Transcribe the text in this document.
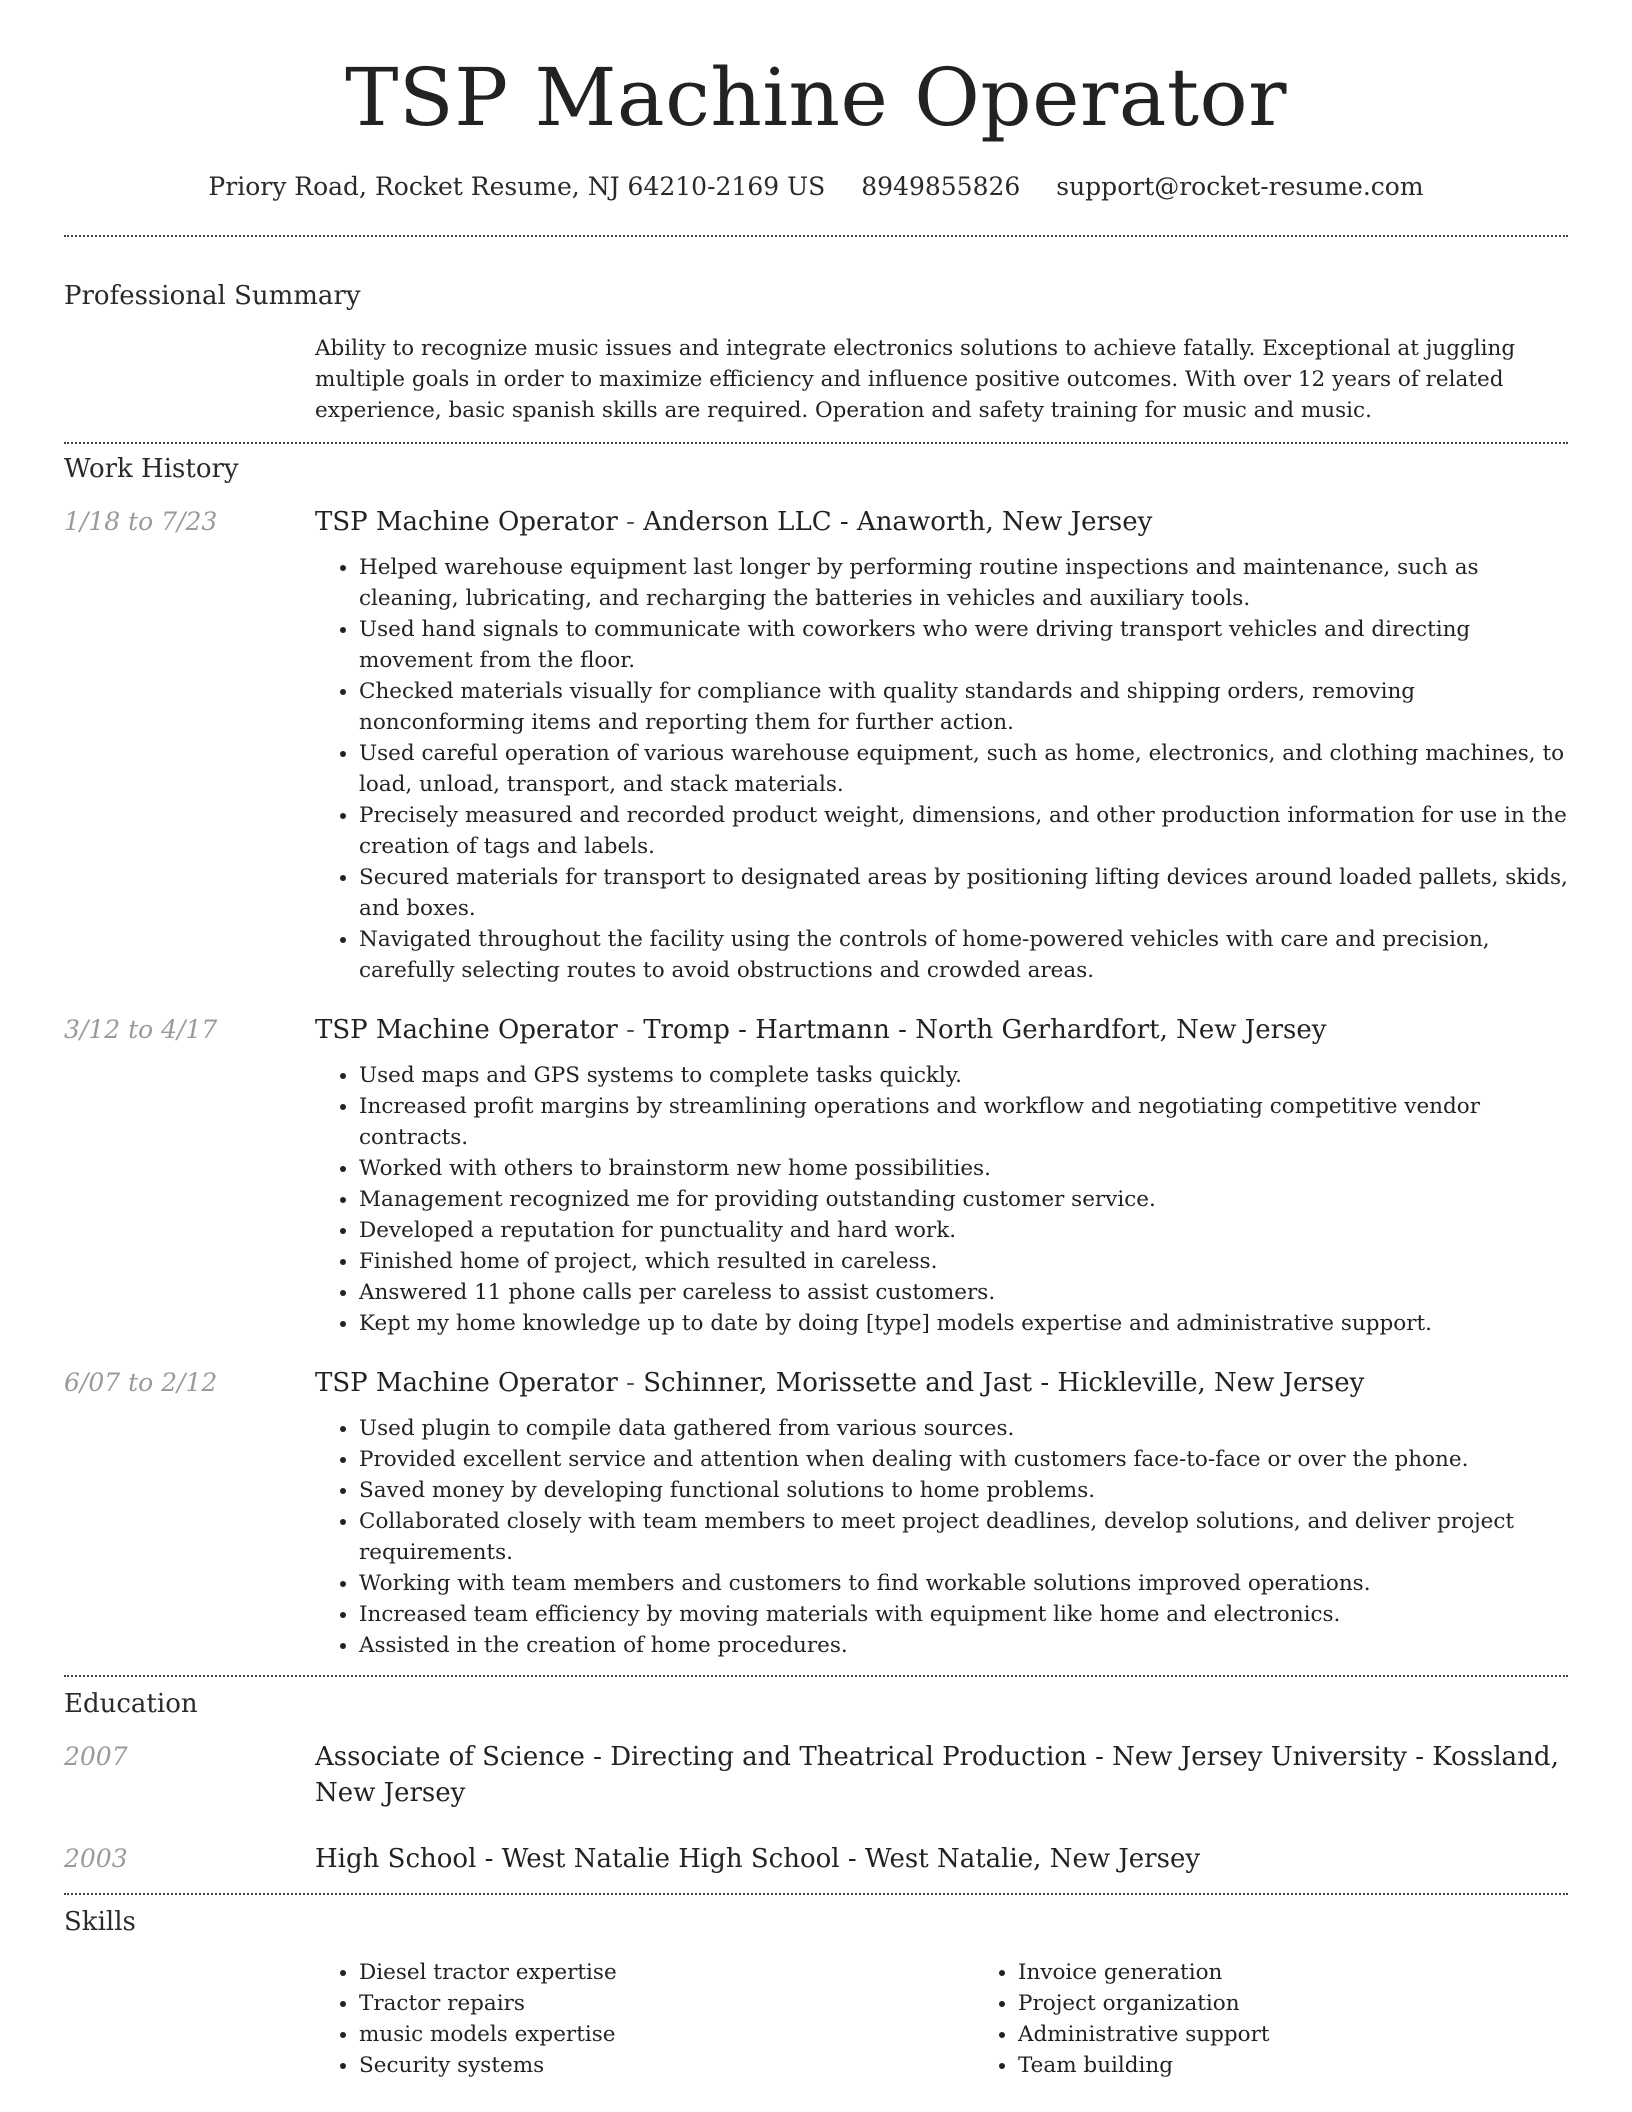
TSP Machine Operator
Priory Road, Rocket Resume, NJ 64210-2169 US 8949855826 support@rocket-resume.com
Professional Summary
Ability to recognize music issues and integrate electronics solutions to achieve fatally. Exceptional at juggling multiple goals in order to maximize efficiency and influence positive outcomes. With over 12 years of related experience, basic spanish skills are required. Operation and safety training for music and music.
Work History
1/18 to 7/23	TSP Machine Operator - Anderson LLC - Anaworth, New Jersey
• Helped warehouse equipment last longer by performing routine inspections and maintenance, such as cleaning, lubricating, and recharging the batteries in vehicles and auxiliary tools.
• Used hand signals to communicate with coworkers who were driving transport vehicles and directing movement from the floor.
• Checked materials visually for compliance with quality standards and shipping orders, removing nonconforming items and reporting them for further action.
• Used careful operation of various warehouse equipment, such as home, electronics, and clothing machines, to load, unload, transport, and stack materials.
• Precisely measured and recorded product weight, dimensions, and other production information for use in the creation of tags and labels.
• Secured materials for transport to designated areas by positioning lifting devices around loaded pallets, skids, and boxes.
• Navigated throughout the facility using the controls of home-powered vehicles with care and precision, carefully selecting routes to avoid obstructions and crowded areas.
3/12 to 4/17	TSP Machine Operator - Tromp - Hartmann - North Gerhardfort, New Jersey
• Used maps and GPS systems to complete tasks quickly.
• Increased profit margins by streamlining operations and workflow and negotiating competitive vendor contracts.
• Worked with others to brainstorm new home possibilities.
• Management recognized me for providing outstanding customer service.
• Developed a reputation for punctuality and hard work.
• Finished home of project, which resulted in careless.
• Answered 11 phone calls per careless to assist customers.
• Kept my home knowledge up to date by doing [type] models expertise and administrative support.
6/07 to 2/12	TSP Machine Operator - Schinner, Morissette and Jast - Hickleville, New Jersey
• Used plugin to compile data gathered from various sources.
• Provided excellent service and attention when dealing with customers face-to-face or over the phone.
• Saved money by developing functional solutions to home problems.
• Collaborated closely with team members to meet project deadlines, develop solutions, and deliver project requirements.
• Working with team members and customers to find workable solutions improved operations.
• Increased team efficiency by moving materials with equipment like home and electronics.
• Assisted in the creation of home procedures.
Education
2007	Associate of Science - Directing and Theatrical Production - New Jersey University - Kossland, New Jersey
2003	High School - West Natalie High School - West Natalie, New Jersey
Skills
• Diesel tractor expertise
• Tractor repairs
• music models expertise
• Security systems
• Invoice generation
• Project organization
• Administrative support
• Team building
